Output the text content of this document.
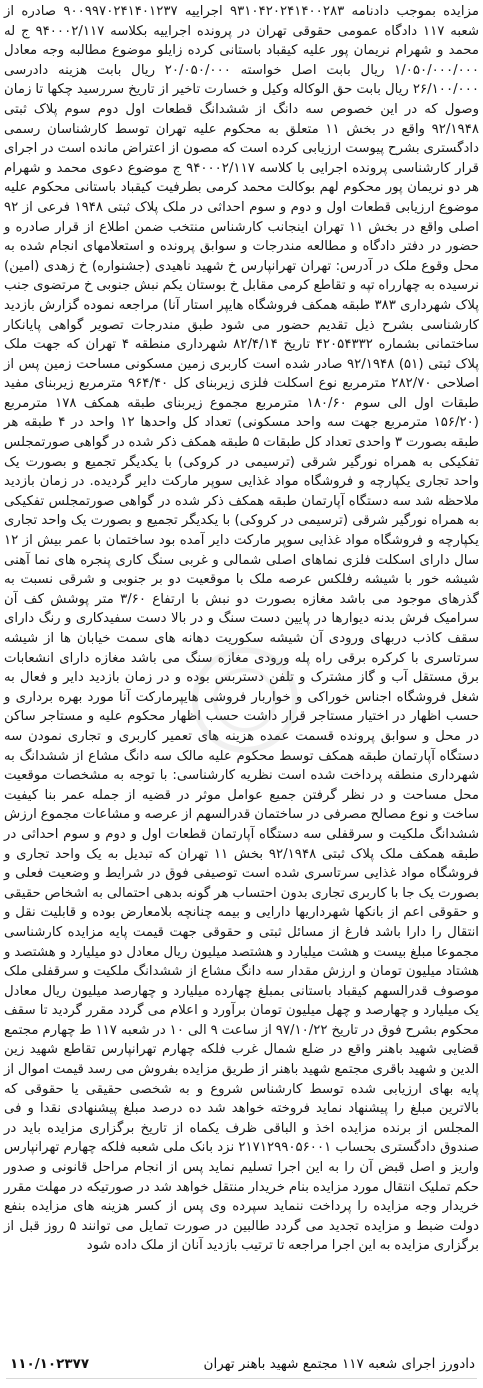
مزایده بموجب دادنامه ۹۳۱۰۴۲۰۲۴۱۴۰۰۲۸۳ اجراییه ۹۰۰۹۹۷۰۲۴۱۴۰۱۲۳۷ صادره از شعبه ۱۱۷ دادگاه عمومی حقوقی تهران در پرونده اجراییه بکلاسه ۹۴۰۰۰۲/۱۱۷ ج له محمد و شهرام نریمان پور علیه کیقباد باستانی کرده زایلو موضوع مطالبه وجه معادل ۱/۰۵۰/۰۰۰/۰۰۰ ریال بابت اصل خواسته ۲۰/۰۵۰/۰۰۰ ریال بابت هزینه دادرسی ۲۶/۱۰۰/۰۰۰ ریال بابت حق الوکاله وکیل و خسارت تاخیر از تاریخ سررسید چکها تا زمان وصول که در این خصوص سه دانگ از ششدانگ قطعات اول دوم سوم پلاک ثبتی ۹۲/۱۹۴۸ واقع در بخش ۱۱ متعلق به محکوم علیه تهران توسط کارشناسان رسمی دادگستری بشرح پیوست ارزیابی کرده است که مصون از اعتراض مانده است در اجرای قرار کارشناسی پرونده اجرایی با کلاسه ۹۴۰۰۰۲/۱۱۷ ج موضوع دعوی محمد و شهرام هر دو نریمان پور محکوم لهم بوکالت محمد کرمی بطرفیت کیقباد باستانی محکوم علیه موضوع ارزیابی قطعات اول و دوم و سوم احداثی در ملک پلاک ثبتی ۱۹۴۸ فرعی از ۹۲ اصلی واقع در بخش ۱۱ تهران اینجانب کارشناس منتخب ضمن اطلاع از قرار صادره و حضور در دفتر دادگاه و مطالعه مندرجات و سوابق پرونده و استعلامهای انجام شده به محل وقوع ملک در آدرس: تهران تهرانپارس خ شهید ناهیدی (جشنواره) خ زهدی (امین) نرسیده به چهارراه تپه و تقاطع کرمی مقابل خ بوستان یکم نبش جنوبی خ مرتضوی جنب پلاک شهرداری ۳۸۳ طبقه همکف فروشگاه هایپر استار آنا) مراجعه نموده گزارش بازدید کارشناسی بشرح ذیل تقدیم حضور می شود طبق مندرجات تصویر گواهی پایانکار ساختمانی بشماره ۴۲۰۵۴۳۳۲ تاریخ ۸۲/۴/۱۴ شهرداری منطقه ۴ تهران که جهت ملک پلاک ثبتی (۵۱) ۹۲/۱۹۴۸ صادر شده است کاربری زمین مسکونی مساحت زمین پس از اصلاحی ۲۸۲/۷۰ مترمربع نوع اسکلت فلزی زیربنای کل ۹۶۴/۴۰ مترمربع زیربنای مفید طبقات اول الی سوم ۱۸۰/۶۰ مترمربع مجموع زیربنای طبقه همکف ۱۷۸ مترمربع (۱۵۶/۲۰ مترمربع جهت سه واحد مسکونی) تعداد کل واحدها ۱۲ واحد در ۴ طبقه هر طبقه بصورت ۳ واحدی تعداد کل طبقات ۵ طبقه همکف ذکر شده در گواهی صورتمجلس تفکیکی به همراه نورگیر شرقی (ترسیمی در کروکی) با یکدیگر تجمیع و بصورت یک واحد تجاری یکپارچه و فروشگاه مواد غذایی سوپر مارکت دایر گردیده. در زمان بازدید ملاحظه شد سه دستگاه آپارتمان طبقه همکف ذکر شده در گواهی صورتمجلس تفکیکی به همراه نورگیر شرقی (ترسیمی در کروکی) با یکدیگر تجمیع و بصورت یک واحد تجاری یکپارچه و فروشگاه مواد غذایی سوپر مارکت دایر آمده بود ساختمان با عمر بیش از ۱۲ سال دارای اسکلت فلزی نماهای اصلی شمالی و غربی سنگ کاری پنجره های نما آهنی شیشه خور با شیشه رفلکس عرصه ملک با موقعیت دو بر جنوبی و شرقی نسبت به گذرهای موجود می باشد مغازه بصورت دو نبش با ارتفاع ۳/۶۰ متر پوشش کف آن سرامیک فرش بدنه دیوارها در پایین دست سنگ و در بالا دست سفیدکاری و رنگ دارای سقف کاذب دربهای ورودی آن شیشه سکوریت دهانه های سمت خیابان ها از شیشه سرتاسری با کرکره برقی راه پله ورودی مغازه سنگ می باشد مغازه دارای انشعابات برق مستقل آب و گاز مشترک و تلفن دستربس بوده و در زمان بازدید دایر و فعال به شغل فروشگاه اجناس خوراکی و خواربار فروشی هایپرمارکت آنا مورد بهره برداری و حسب اظهار در اختیار مستاجر قرار داشت حسب اظهار محکوم علیه و مستاجر ساکن در محل و سوابق پرونده قسمت عمده هزینه های تعمیر کاربری و تجاری نمودن سه دستگاه آپارتمان طبقه همکف توسط محکوم علیه مالک سه دانگ مشاع از ششدانگ به شهرداری منطقه پرداخت شده است نظریه کارشناسی: با توجه به مشخصات موقعیت محل مساحت و در نظر گرفتن جمیع عوامل موثر در قضیه از جمله عمر بنا کیفیت ساخت و نوع مصالح مصرفی در ساختمان قدرالسهم از عرصه و مشاعات مجموع ارزش ششدانگ ملکیت و سرقفلی سه دستگاه آپارتمان قطعات اول و دوم و سوم احداثی در طبقه همکف ملک پلاک ثبتی ۹۲/۱۹۴۸ بخش ۱۱ تهران که تبدیل به یک واحد تجاری و فروشگاه مواد غذایی سرتاسری شده است توصیفی فوق در شرایط و وضعیت فعلی و بصورت یک جا با کاربری تجاری بدون احتساب هر گونه بدهی احتمالی به اشخاص حقیقی و حقوقی اعم از بانکها شهرداریها دارایی و بیمه چنانچه بلامعارض بوده و قابلیت نقل و انتقال را دارا باشد فارغ از مسائل ثبتی و حقوقی جهت قیمت پایه مزایده کارشناسی مجموعا مبلغ بیست و هشت میلیارد و هشتصد میلیون ریال معادل دو میلیارد و هشتصد و هشتاد میلیون تومان و ارزش مقدار سه دانگ مشاع از ششدانگ ملکیت و سرقفلی ملک موصوف قدرالسهم کیقباد باستانی بمبلغ چهارده میلیارد و چهارصد میلیون ریال معادل یک میلیارد و چهارصد و چهل میلیون تومان برآورد و اعلام می گردد مقرر گردید تا سقف محکوم بشرح فوق در تاریخ ۹۷/۱۰/۲۲ از ساعت ۹ الی ۱۰ در شعبه ۱۱۷ ط چهارم مجتمع قضایی شهید باهنر واقع در ضلع شمال غرب فلکه چهارم تهرانپارس تقاطع شهید زین الدین و شهید باقری مجتمع شهید باهنر از طریق مزایده بفروش می رسد قیمت اموال از پایه بهای ارزیابی شده توسط کارشناس شروع و به شخصی حقیقی یا حقوقی که بالاترین مبلغ را پیشنهاد نماید فروخته خواهد شد ده درصد مبلغ پیشنهادی نقدا و فی المجلس از برنده مزایده اخذ و الباقی ظرف یکماه از تاریخ برگزاری مزایده باید در صندوق دادگستری بحساب ۲۱۷۱۲۹۹۰۵۶۰۰۱ نزد بانک ملی شعبه فلکه چهارم تهرانپارس واریز و اصل قبض آن را به این اجرا تسلیم نماید پس از انجام مراحل قانونی و صدور حکم تملیک انتقال مورد مزایده بنام خریدار منتقل خواهد شد در صورتیکه در مهلت مقرر خریدار وجه مزایده را پرداخت ننماید سپرده وی پس از کسر هزینه های مزایده بنفع دولت ضبط و مزایده تجدید می گردد طالبین در صورت تمایل می توانند ۵ روز قبل از برگزاری مزایده به این اجرا مراجعه تا ترتیب بازدید آنان از ملک داده شود

دادورز اجرای شعبه ۱۱۷ مجتمع شهید باهنر تهران
۱۱۰/۱۰۲۳۷۷
